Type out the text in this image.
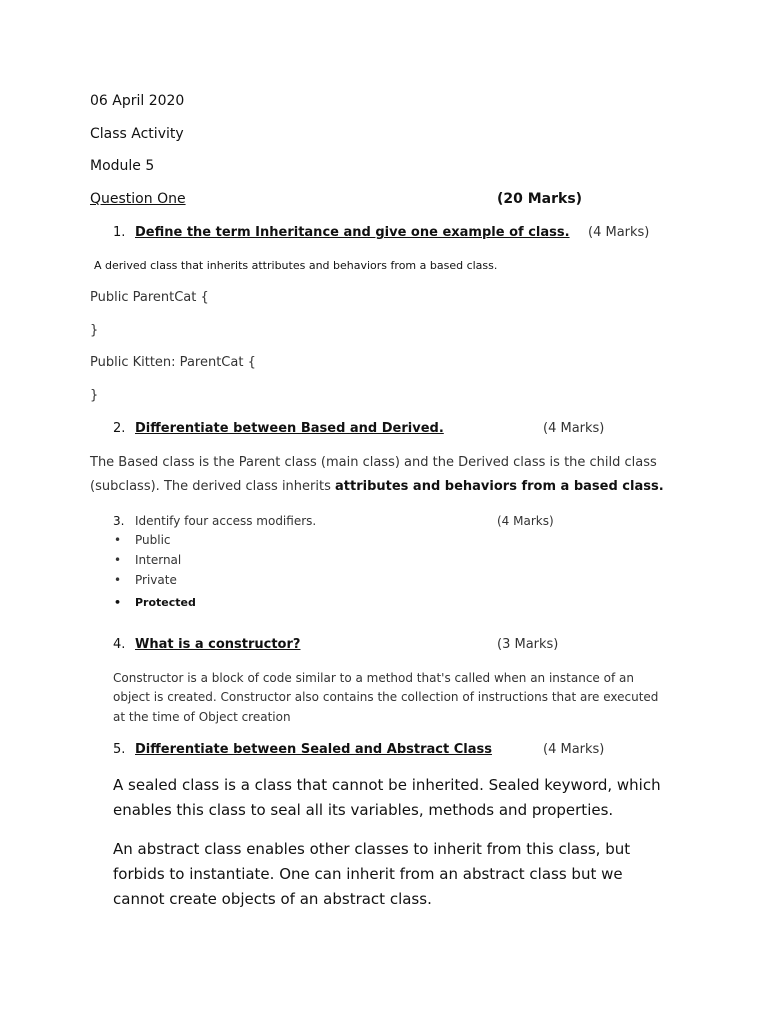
06 April 2020
Class Activity
Module 5
Question One	(20 Marks)
1. Define the term Inheritance and give one example of class. (4 Marks)
A derived class that inherits attributes and behaviors from a based class.
Public ParentCat {
}
Public Kitten: ParentCat {
}
2. Differentiate between Based and Derived.	(4 Marks)
The Based class is the Parent class (main class) and the Derived class is the child class
(subclass). The derived class inherits attributes and behaviors from a based class.
3. Identify four access modifiers.	(4 Marks)
• Public
• Internal
• Private
• Protected
4. What is a constructor?	(3 Marks)
Constructor is a block of code similar to a method that's called when an instance of an
object is created. Constructor also contains the collection of instructions that are executed
at the time of Object creation
5. Differentiate between Sealed and Abstract Class	(4 Marks)
A sealed class is a class that cannot be inherited. Sealed keyword, which
enables this class to seal all its variables, methods and properties.
An abstract class enables other classes to inherit from this class, but
forbids to instantiate. One can inherit from an abstract class but we
cannot create objects of an abstract class.
